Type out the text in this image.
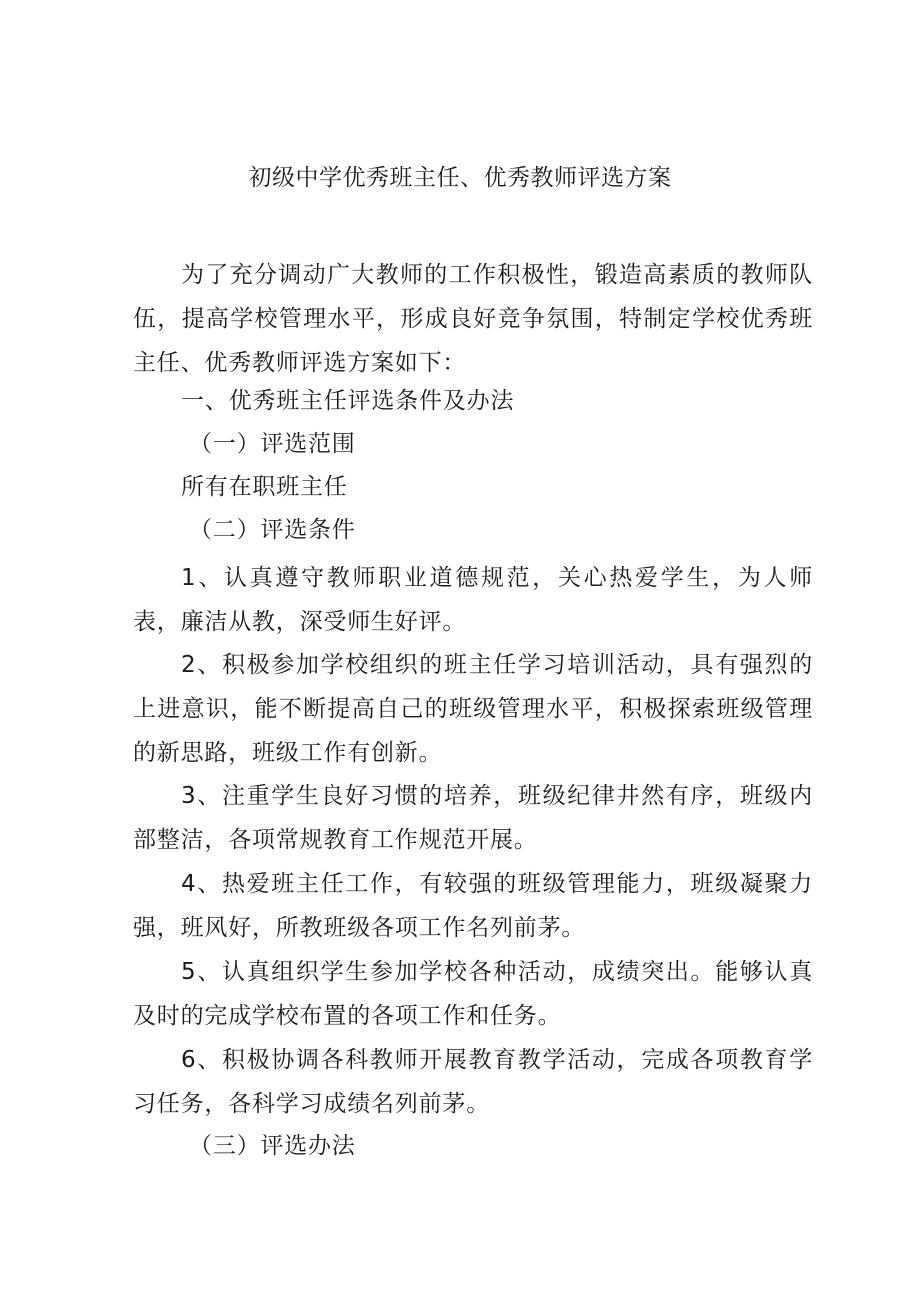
初级中学优秀班主任、优秀教师评选方案

为了充分调动广大教师的工作积极性，锻造高素质的教师队伍，提高学校管理水平，形成良好竞争氛围，特制定学校优秀班主任、优秀教师评选方案如下：

一、优秀班主任评选条件及办法

（一）评选范围

所有在职班主任

（二）评选条件

1、认真遵守教师职业道德规范，关心热爱学生，为人师表，廉洁从教，深受师生好评。

2、积极参加学校组织的班主任学习培训活动，具有强烈的上进意识，能不断提高自己的班级管理水平，积极探索班级管理的新思路，班级工作有创新。

3、注重学生良好习惯的培养，班级纪律井然有序，班级内部整洁，各项常规教育工作规范开展。

4、热爱班主任工作，有较强的班级管理能力，班级凝聚力强，班风好，所教班级各项工作名列前茅。

5、认真组织学生参加学校各种活动，成绩突出。能够认真及时的完成学校布置的各项工作和任务。

6、积极协调各科教师开展教育教学活动，完成各项教育学习任务，各科学习成绩名列前茅。

（三）评选办法
